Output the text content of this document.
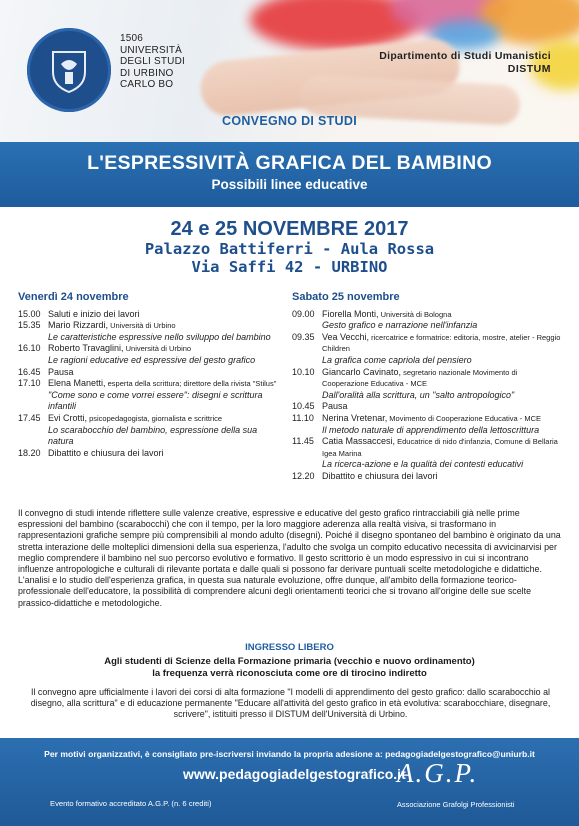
1506
UNIVERSITÀ
DEGLI STUDI
DI URBINO
CARLO BO
Dipartimento di Studi Umanistici
DISTUM
CONVEGNO DI STUDI
L'ESPRESSIVITÀ GRAFICA DEL BAMBINO
Possibili linee educative
24 e 25 NOVEMBRE 2017
Palazzo Battiferri - Aula Rossa
Via Saffi 42 - URBINO
Venerdì 24 novembre
15.00 Saluti e inizio dei lavori
15.35 Mario Rizzardi, Università di Urbino
Le caratteristiche espressive nello sviluppo del bambino
16.10 Roberto Travaglini, Università di Urbino
Le ragioni educative ed espressive del gesto grafico
16.45 Pausa
17.10 Elena Manetti, esperta della scrittura; direttore della rivista "Stilus"
"Come sono e come vorrei essere": disegni e scrittura infantili
17.45 Evi Crotti, psicopedagogista, giornalista e scrittrice
Lo scarabocchio del bambino, espressione della sua natura
18.20 Dibattito e chiusura dei lavori
Sabato 25 novembre
09.00 Fiorella Monti, Università di Bologna
Gesto grafico e narrazione nell'infanzia
09.35 Vea Vecchi, ricercatrice e formatrice: editoria, mostre, atelier - Reggio Children
La grafica come capriola del pensiero
10.10 Giancarlo Cavinato, segretario nazionale Movimento di Cooperazione Educativa - MCE
Dall'oralità alla scrittura, un "salto antropologico"
10.45 Pausa
11.10 Nerina Vretenar, Movimento di Cooperazione Educativa - MCE
Il metodo naturale di apprendimento della lettoscrittura
11.45 Catia Massaccesi, Educatrice di nido d'infanzia, Comune di Bellaria Igea Marina
La ricerca-azione e la qualità dei contesti educativi
12.20 Dibattito e chiusura dei lavori
Il convegno di studi intende riflettere sulle valenze creative, espressive e educative del gesto grafico rintracciabili già nelle prime espressioni del bambino (scarabocchi) che con il tempo, per la loro maggiore aderenza alla realtà visiva, si trasformano in rappresentazioni grafiche sempre più comprensibili al mondo adulto (disegni). Poiché il disegno spontaneo del bambino è originato da una stretta interazione delle molteplici dimensioni della sua esperienza, l'adulto che svolga un compito educativo necessita di avvicinarvisi per meglio comprendere il bambino nel suo percorso evolutivo e formativo. Il gesto scrittorio è un modo espressivo in cui si incontrano influenze antropologiche e culturali di rilevante portata e dalle quali si possono far derivare puntuali scelte metodologiche e didattiche.
L'analisi e lo studio dell'esperienza grafica, in questa sua naturale evoluzione, offre dunque, all'ambito della formazione teorico-professionale dell'educatore, la possibilità di comprendere alcuni degli orientamenti teorici che si trovano all'origine delle sue scelte prassico-didattiche e metodologiche.
INGRESSO LIBERO
Agli studenti di Scienze della Formazione primaria (vecchio e nuovo ordinamento)
la frequenza verrà riconosciuta come ore di tirocino indiretto
Il convegno apre ufficialmente i lavori dei corsi di alta formazione "I modelli di apprendimento del gesto grafico: dallo scarabocchio al disegno, alla scrittura" e di educazione permanente "Educare all'attività del gesto grafico in età evolutiva: scarabocchiare, disegnare, scrivere", istituiti presso il DISTUM dell'Università di Urbino.
Per motivi organizzativi, è consigliato pre-iscriversi inviando la propria adesione a: pedagogiadelgestografico@uniurb.it
www.pedagogiadelgestografico.it
Evento formativo accreditato A.G.P. (n. 6 crediti)
A.G.P.
Associazione Grafolgi Professionisti
